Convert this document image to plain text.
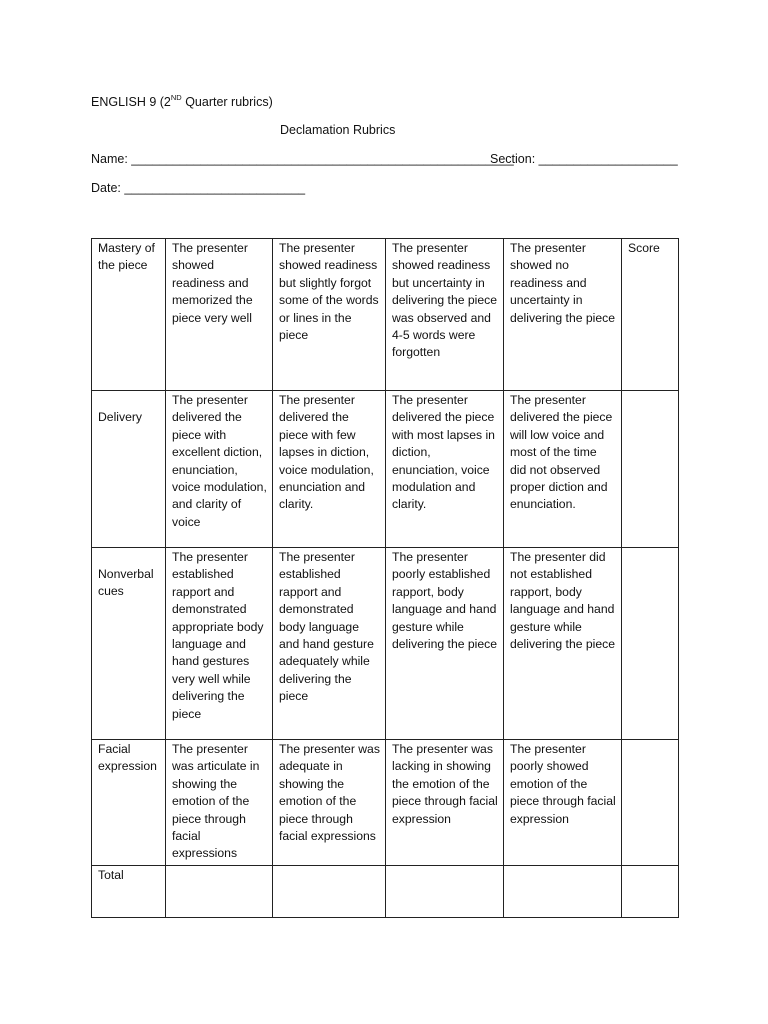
ENGLISH 9 (2ND Quarter rubrics)
Declamation Rubrics
Name: _______________________________________________________
Section: ____________________
Date: __________________________
Mastery of the piece	The presenter showed readiness and memorized the piece very well	The presenter showed readiness but slightly forgot some of the words or lines in the piece	The presenter showed readiness but uncertainty in delivering the piece was observed and 4-5 words were forgotten	The presenter showed no readiness and uncertainty in delivering the piece	Score
Delivery	The presenter delivered the piece with excellent diction, enunciation, voice modulation, and clarity of voice	The presenter delivered the piece with few lapses in diction, voice modulation, enunciation and clarity.	The presenter delivered the piece with most lapses in diction, enunciation, voice modulation and clarity.	The presenter delivered the piece will low voice and most of the time did not observed proper diction and enunciation.	
Nonverbal cues	The presenter established rapport and demonstrated appropriate body language and hand gestures very well while delivering the piece	The presenter established rapport and demonstrated body language and hand gesture adequately while delivering the piece	The presenter poorly established rapport, body language and hand gesture while delivering the piece	The presenter did not established rapport, body language and hand gesture while delivering the piece	
Facial expression	The presenter was articulate in showing the emotion of the piece through facial expressions	The presenter was adequate in showing the emotion of the piece through facial expressions	The presenter was lacking in showing the emotion of the piece through facial expression	The presenter poorly showed emotion of the piece through facial expression	
Total					
